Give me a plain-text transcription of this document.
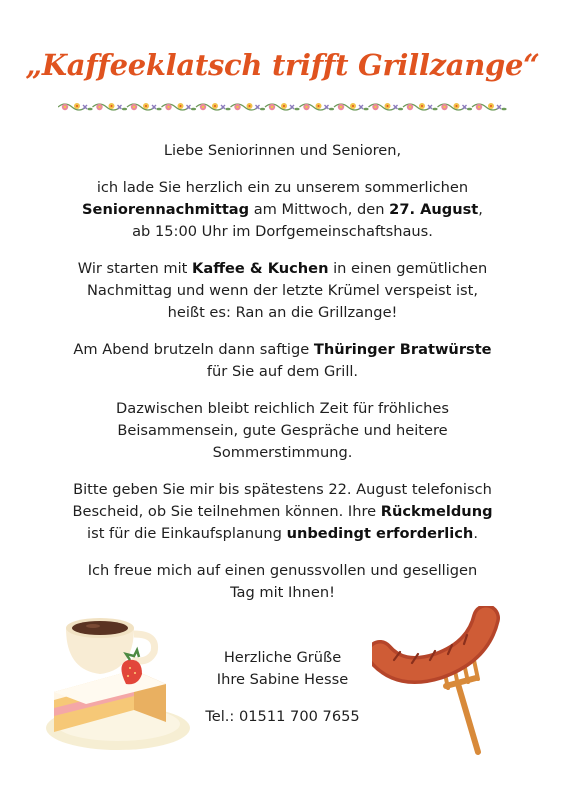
„Kaffeeklatsch trifft Grillzange“

Liebe Seniorinnen und Senioren,

ich lade Sie herzlich ein zu unserem sommerlichen
Seniorennachmittag am Mittwoch, den 27. August,
ab 15:00 Uhr im Dorfgemeinschaftshaus.

Wir starten mit Kaffee & Kuchen in einen gemütlichen
Nachmittag und wenn der letzte Krümel verspeist ist,
heißt es: Ran an die Grillzange!

Am Abend brutzeln dann saftige Thüringer Bratwürste
für Sie auf dem Grill.

Dazwischen bleibt reichlich Zeit für fröhliches
Beisammensein, gute Gespräche und heitere
Sommerstimmung.

Bitte geben Sie mir bis spätestens 22. August telefonisch
Bescheid, ob Sie teilnehmen können. Ihre Rückmeldung
ist für die Einkaufsplanung unbedingt erforderlich.

Ich freue mich auf einen genussvollen und geselligen
Tag mit Ihnen!

Herzliche Grüße

Ihre Sabine Hesse

Tel.: 01511 700 7655
